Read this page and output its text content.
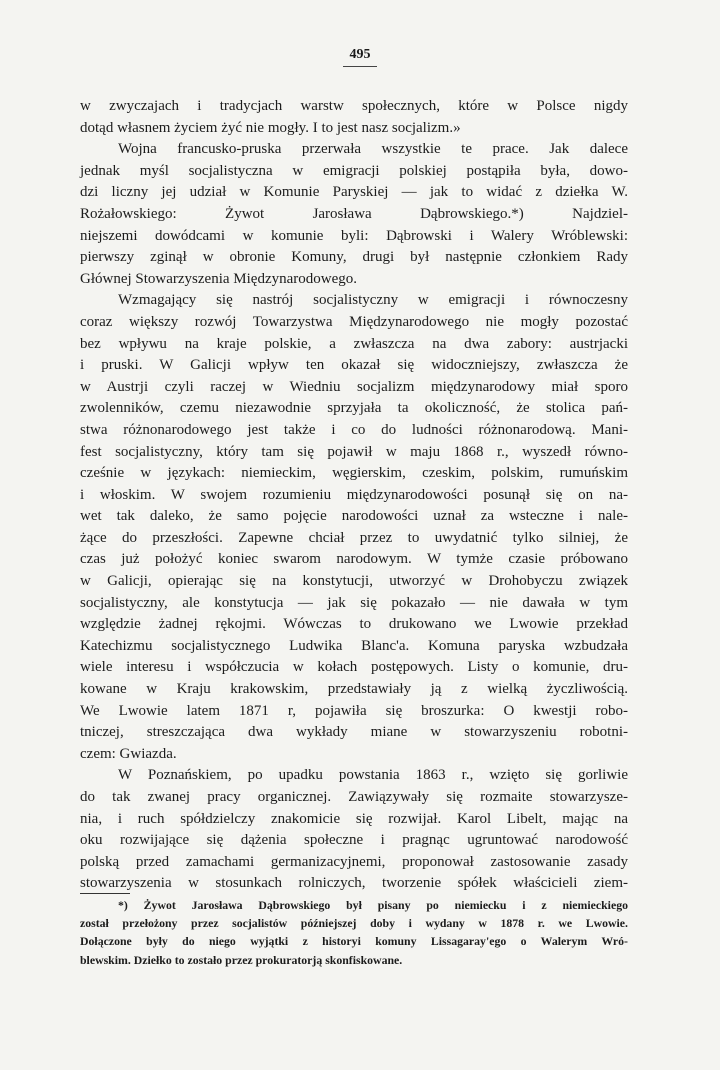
495
w zwyczajach i tradycjach warstw społecznych, które w Polsce nigdy
dotąd własnem życiem żyć nie mogły. I to jest nasz socjalizm.»
Wojna francusko-pruska przerwała wszystkie te prace. Jak dalece
jednak myśl socjalistyczna w emigracji polskiej postąpiła była, dowo-
dzi liczny jej udział w Komunie Paryskiej — jak to widać z dziełka W.
Rożałowskiego: Żywot Jarosława Dąbrowskiego.*) Najdziel-
niejszemi dowódcami w komunie byli: Dąbrowski i Walery Wróblewski:
pierwszy zginął w obronie Komuny, drugi był następnie członkiem Rady
Głównej Stowarzyszenia Międzynarodowego.
Wzmagający się nastrój socjalistyczny w emigracji i równoczesny
coraz większy rozwój Towarzystwa Międzynarodowego nie mogły pozostać
bez wpływu na kraje polskie, a zwłaszcza na dwa zabory: austrjacki
i pruski. W Galicji wpływ ten okazał się widoczniejszy, zwłaszcza że
w Austrji czyli raczej w Wiedniu socjalizm międzynarodowy miał sporo
zwolenników, czemu niezawodnie sprzyjała ta okoliczność, że stolica pań-
stwa różnonarodowego jest także i co do ludności różnonarodową. Mani-
fest socjalistyczny, który tam się pojawił w maju 1868 r., wyszedł równo-
cześnie w językach: niemieckim, węgierskim, czeskim, polskim, rumuńskim
i włoskim. W swojem rozumieniu międzynarodowości posunął się on na-
wet tak daleko, że samo pojęcie narodowości uznał za wsteczne i nale-
żące do przeszłości. Zapewne chciał przez to uwydatnić tylko silniej, że
czas już położyć koniec swarom narodowym. W tymże czasie próbowano
w Galicji, opierając się na konstytucji, utworzyć w Drohobyczu związek
socjalistyczny, ale konstytucja — jak się pokazało — nie dawała w tym
względzie żadnej rękojmi. Wówczas to drukowano we Lwowie przekład
Katechizmu socjalistycznego Ludwika Blanc'a. Komuna paryska wzbudzała
wiele interesu i współczucia w kołach postępowych. Listy o komunie, dru-
kowane w Kraju krakowskim, przedstawiały ją z wielką życzliwością.
We Lwowie latem 1871 r, pojawiła się broszurka: O kwestji robo-
tniczej, streszczająca dwa wykłady miane w stowarzyszeniu robotni-
czem: Gwiazda.
W Poznańskiem, po upadku powstania 1863 r., wzięto się gorliwie
do tak zwanej pracy organicznej. Zawiązywały się rozmaite stowarzysze-
nia, i ruch spółdzielczy znakomicie się rozwijał. Karol Libelt, mając na
oku rozwijające się dążenia społeczne i pragnąc ugruntować narodowość
polską przed zamachami germanizacyjnemi, proponował zastosowanie zasady
stowarzyszenia w stosunkach rolniczych, tworzenie spółek właścicieli ziem-
*) Żywot Jarosława Dąbrowskiego był pisany po niemiecku i z niemieckiego
został przełożony przez socjalistów późniejszej doby i wydany w 1878 r. we Lwowie.
Dołączone były do niego wyjątki z historyi komuny Lissagaray'ego o Walerym Wró-
blewskim. Dziełko to zostało przez prokuratorją skonfiskowane.
